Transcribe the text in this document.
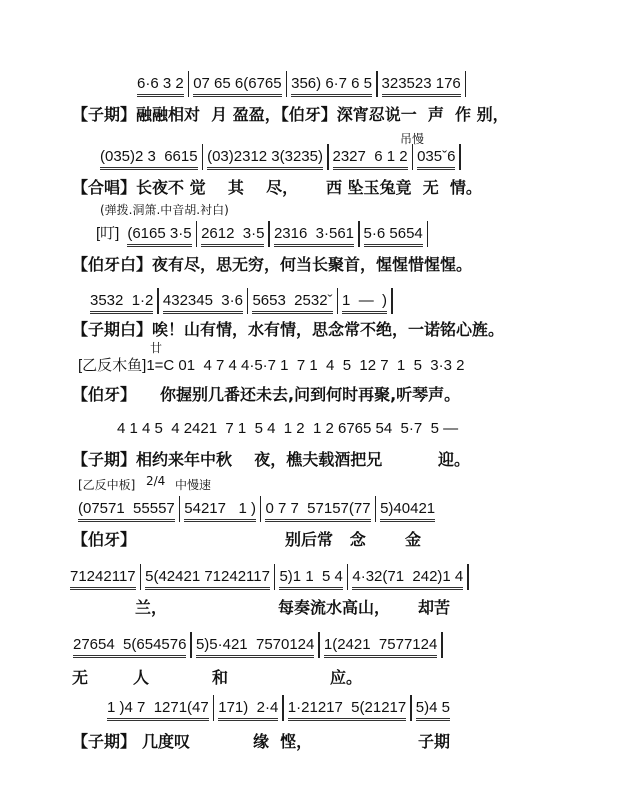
6·6 3 2 07 65 6(6765 356) 6·7 6 5 323523 176
【子期】融融相对  月 盈盈，【伯牙】深宵忍说一  声  作 别，
(035)2 3  6615 (03)2312 3(3235) 2327  6 1 2 035ˇ6
吊慢
【合唱】长夜不 觉    其    尽，     西 坠玉兔竟  无  情。
[叮] (6165 3·5 2612  3·5 2316  3·561 5·6 5654
(弹拨.洞箫.中音胡.衬白)
【伯牙白】夜有尽，思无穷，何当长聚首，惺惺惜惺惺。
3532  1·2 432345  3·6 5653  2532ˇ 1  —  )
【子期白】唉！山有情，水有情，思念常不绝，一诺铭心旌。
[乙反木鱼]1=C 01  4 7 4 4·5·7 1  7 1  4  5  12 7  1  5  3·3 2
廿
【伯牙】 你握别几番还未去,问到何时再聚,听琴声。
4 1 4 5  4 2421  7 1  5 4  1 2  1 2 6765 54  5·7  5 —
【子期】 相约来年中秋    夜，樵夫载酒把兄          迎。
(07571  55557 54217   1 ) 0 7 7  57157(77 5)40421
[乙反中板] 2/4 中慢速
【伯牙】
71242117 5(42421 71242117 5)1 1  5 4 4·32(71  242)1 4
27654  5(654576 5)5·421  7570124 1(2421  7577124
1 )4 7  1271(47 171)  2·4 1·21217  5(21217 5)4 5
【子期】
别后常   念 金
兰，	每奏流水高山， 却苦
无	人	和	应。
几度叹	缘  悭，	子期
